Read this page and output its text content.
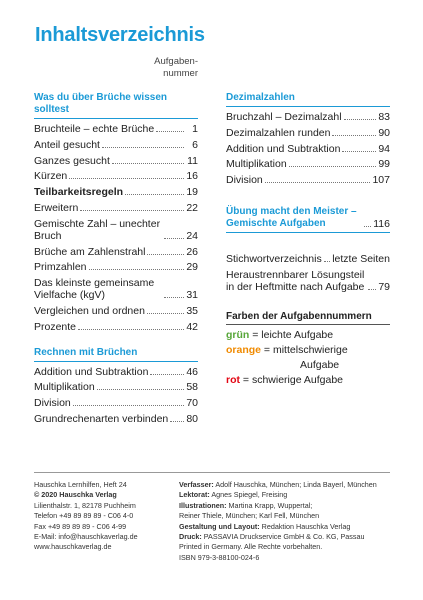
Inhaltsverzeichnis
Aufgaben-
nummer
Was du über Brüche wissen solltest
Bruchteile – echte Brüche	1
Anteil gesucht	6
Ganzes gesucht	11
Kürzen	16
Teilbarkeitsregeln	19
Erweitern	22
Gemischte Zahl – unechter Bruch	24
Brüche am Zahlenstrahl	26
Primzahlen	29
Das kleinste gemeinsame Vielfache (kgV)	31
Vergleichen und ordnen	35
Prozente	42
Rechnen mit Brüchen
Addition und Subtraktion	46
Multiplikation	58
Division	70
Grundrechenarten verbinden 80
Dezimalzahlen
Bruchzahl – Dezimalzahl	83
Dezimalzahlen runden	90
Addition und Subtraktion	94
Multiplikation	99
Division	107
Übung macht den Meister – Gemischte Aufgaben	116
Stichwortverzeichnis letzte Seiten
Heraustrennbarer Lösungsteil in der Heftmitte nach Aufgabe 79
Farben der Aufgabennummern
grün = leichte Aufgabe
orange = mittelschwierige
Aufgabe
rot = schwierige Aufgabe
Hauschka Lernhilfen, Heft 24
© 2020 Hauschka Verlag
Lilienthalstr. 1, 82178 Puchheim
Telefon +49 89 89 89 - C06 4-0
Fax +49 89 89 89 - C06 4-99
E-Mail: info@hauschkaverlag.de
www.hauschkaverlag.de
Verfasser: Adolf Hauschka, München; Linda Bayerl, München
Lektorat: Agnes Spiegel, Freising
Illustrationen: Martina Krapp, Wuppertal;
Reiner Thiele, München; Karl Fell, München
Gestaltung und Layout: Redaktion Hauschka Verlag
Druck: PASSAVIA Druckservice GmbH & Co. KG, Passau
Printed in Germany. Alle Rechte vorbehalten.
ISBN 979-3-88100-024-6
